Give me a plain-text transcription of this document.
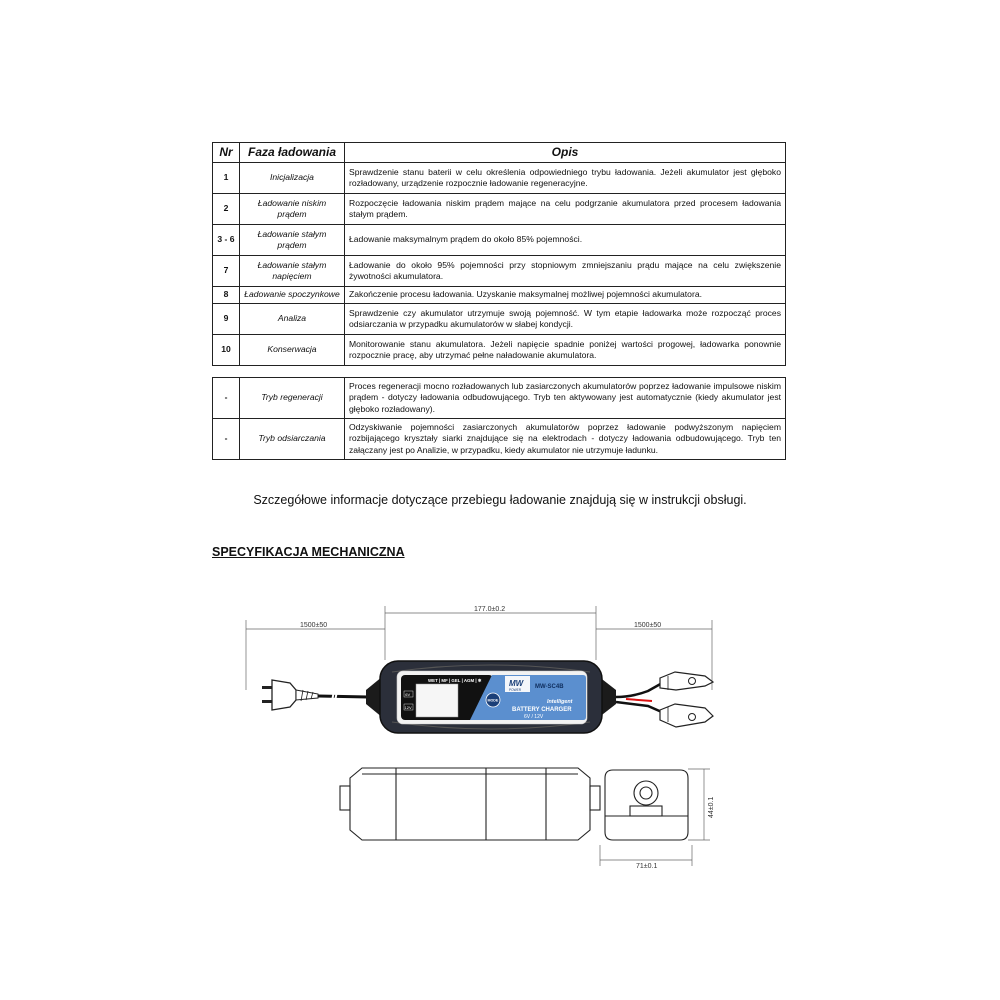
Nr	Faza ładowania	Opis
1	Inicjalizacja	Sprawdzenie stanu baterii w celu określenia odpowiedniego trybu ładowania. Jeżeli akumulator jest głęboko rozładowany, urządzenie rozpocznie ładowanie regeneracyjne.
2	Ładowanie niskim prądem	Rozpoczęcie ładowania niskim prądem mające na celu podgrzanie akumulatora przed procesem ładowania stałym prądem.
3 - 6	Ładowanie stałym prądem	Ładowanie maksymalnym prądem do około 85% pojemności.
7	Ładowanie stałym napięciem	Ładowanie do około 95% pojemności przy stopniowym zmniejszaniu prądu mające na celu zwiększenie żywotności akumulatora.
8	Ładowanie spoczynkowe	Zakończenie procesu ładowania. Uzyskanie maksymalnej możliwej pojemności akumulatora.
9	Analiza	Sprawdzenie czy akumulator utrzymuje swoją pojemność. W tym etapie ładowarka może rozpocząć proces odsiarczania w przypadku akumulatorów w słabej kondycji.
10	Konserwacja	Monitorowanie stanu akumulatora. Jeżeli napięcie spadnie poniżej wartości progowej, ładowarka ponownie rozpocznie pracę, aby utrzymać pełne naładowanie akumulatora.
-	Tryb regeneracji	Proces regeneracji mocno rozładowanych lub zasiarczonych akumulatorów poprzez ładowanie impulsowe niskim prądem - dotyczy ładowania odbudowującego. Tryb ten aktywowany jest automatycznie (kiedy akumulator jest głęboko rozładowany).
-	Tryb odsiarczania	Odzyskiwanie pojemności zasiarczonych akumulatorów poprzez ładowanie podwyższonym napięciem rozbijającego kryształy siarki znajdujące się na elektrodach - dotyczy ładowania odbudowującego. Tryb ten załączany jest po Analizie, w przypadku, kiedy akumulator nie utrzymuje ładunku.
Szczegółowe informacje dotyczące przebiegu ładowanie znajdują się w instrukcji obsługi.
SPECYFIKACJA MECHANICZNA
1500±50
177.0±0.2
1500±50
44±0.1
71±0.1
WET | MF | GEL | AGM | ❄
6V
12V
MODE
MW
POWER MW-SC4B
Intelligent
BATTERY CHARGER
6V / 12V
